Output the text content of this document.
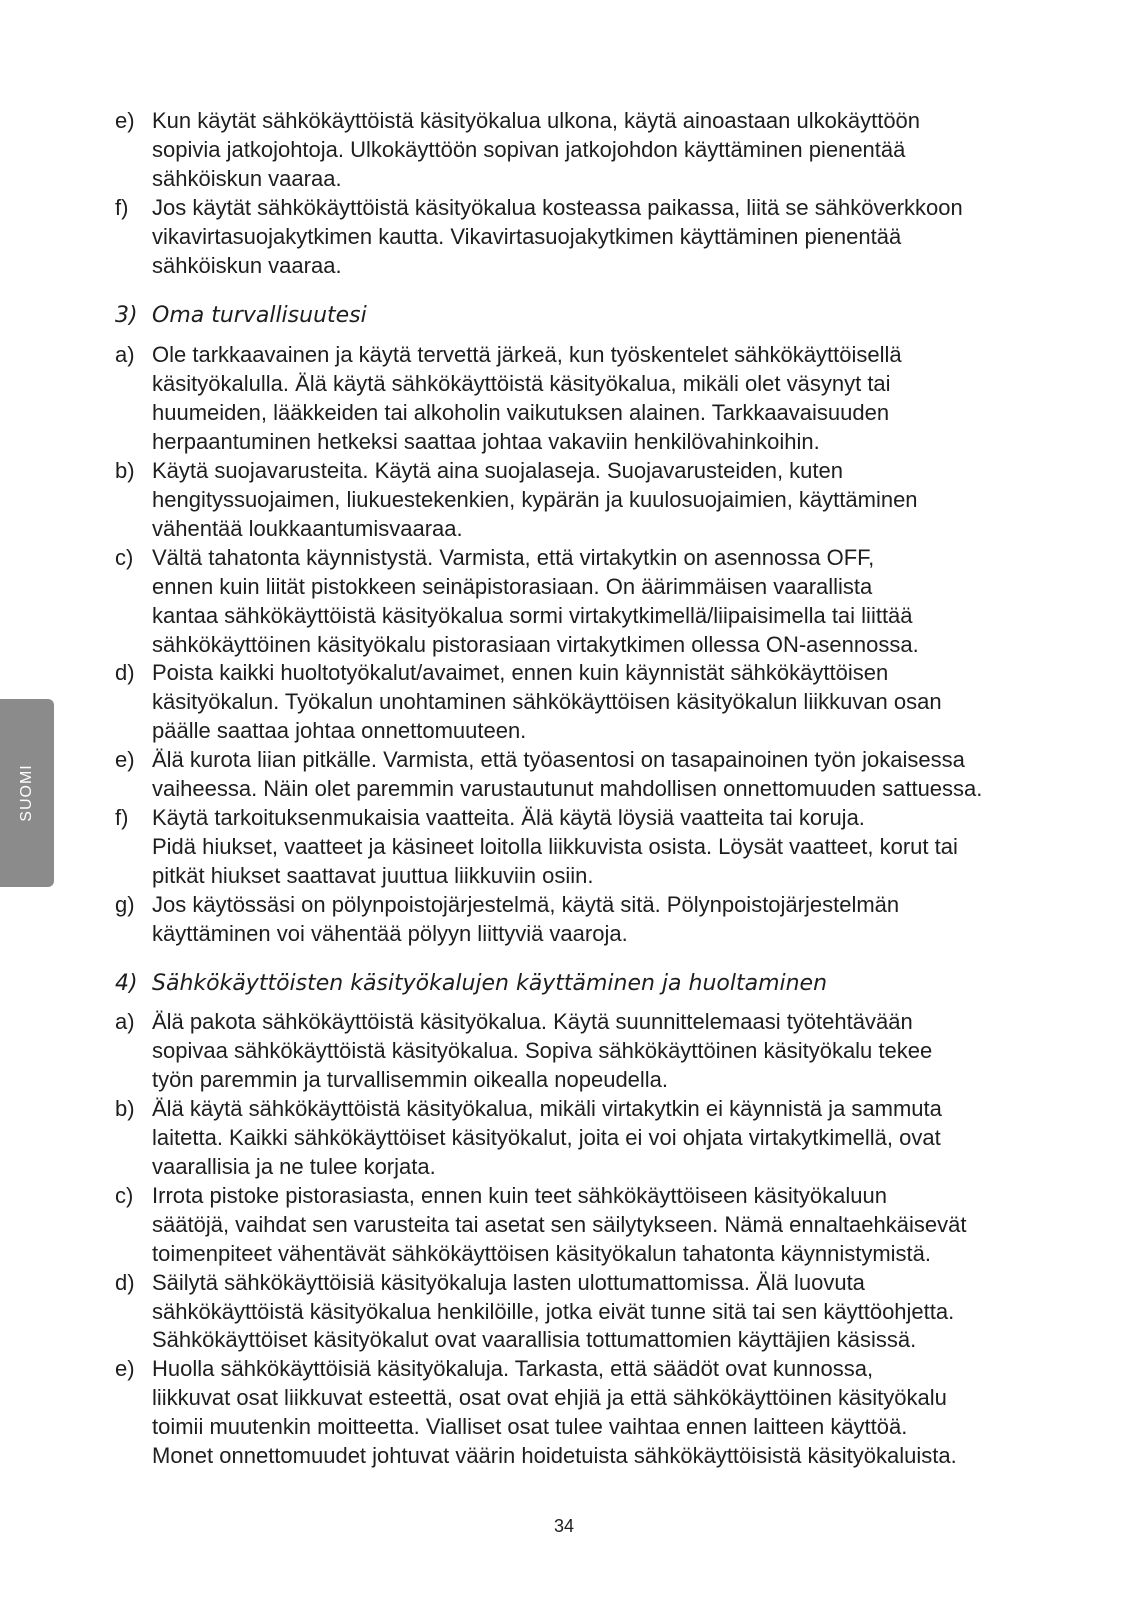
e) Kun käytät sähkökäyttöistä käsityökalua ulkona, käytä ainoastaan ulkokäyttöön
sopivia jatkojohtoja. Ulkokäyttöön sopivan jatkojohdon käyttäminen pienentää
sähköiskun vaaraa.
f)	Jos käytät sähkökäyttöistä käsityökalua kosteassa paikassa, liitä se sähköverkkoon
vikavirtasuojakytkimen kautta. Vikavirtasuojakytkimen käyttäminen pienentää
sähköiskun vaaraa.
3) Oma turvallisuutesi
a) Ole tarkkaavainen ja käytä tervettä järkeä, kun työskentelet sähkökäyttöisellä
käsityökalulla. Älä käytä sähkökäyttöistä käsityökalua, mikäli olet väsynyt tai
huumeiden, lääkkeiden tai alkoholin vaikutuksen alainen. Tarkkaavaisuuden
herpaantuminen hetkeksi saattaa johtaa vakaviin henkilövahinkoihin.
b) Käytä suojavarusteita. Käytä aina suojalaseja. Suojavarusteiden, kuten
hengityssuojaimen, liukuestekenkien, kypärän ja kuulosuojaimien, käyttäminen
vähentää loukkaantumisvaaraa.
c) Vältä tahatonta käynnistystä. Varmista, että virtakytkin on asennossa OFF,
ennen kuin liität pistokkeen seinäpistorasiaan. On äärimmäisen vaarallista
kantaa sähkökäyttöistä käsityökalua sormi virtakytkimellä/liipaisimella tai liittää
sähkökäyttöinen käsityökalu pistorasiaan virtakytkimen ollessa ON-asennossa.
d) Poista kaikki huoltotyökalut/avaimet, ennen kuin käynnistät sähkökäyttöisen
käsityökalun. Työkalun unohtaminen sähkökäyttöisen käsityökalun liikkuvan osan
päälle saattaa johtaa onnettomuuteen.
e) Älä kurota liian pitkälle. Varmista, että työasentosi on tasapainoinen työn jokaisessa
vaiheessa. Näin olet paremmin varustautunut mahdollisen onnettomuuden sattuessa.
f)	Käytä tarkoituksenmukaisia vaatteita. Älä käytä löysiä vaatteita tai koruja.
Pidä hiukset, vaatteet ja käsineet loitolla liikkuvista osista. Löysät vaatteet, korut tai
pitkät hiukset saattavat juuttua liikkuviin osiin.
g) Jos käytössäsi on pölynpoistojärjestelmä, käytä sitä. Pölynpoistojärjestelmän
käyttäminen voi vähentää pölyyn liittyviä vaaroja.
4) Sähkökäyttöisten käsityökalujen käyttäminen ja huoltaminen
a) Älä pakota sähkökäyttöistä käsityökalua. Käytä suunnittelemaasi työtehtävään
sopivaa sähkökäyttöistä käsityökalua. Sopiva sähkökäyttöinen käsityökalu tekee
työn paremmin ja turvallisemmin oikealla nopeudella.
b) Älä käytä sähkökäyttöistä käsityökalua, mikäli virtakytkin ei käynnistä ja sammuta
laitetta. Kaikki sähkökäyttöiset käsityökalut, joita ei voi ohjata virtakytkimellä, ovat
vaarallisia ja ne tulee korjata.
c) Irrota pistoke pistorasiasta, ennen kuin teet sähkökäyttöiseen käsityökaluun
säätöjä, vaihdat sen varusteita tai asetat sen säilytykseen. Nämä ennaltaehkäisevät
toimenpiteet vähentävät sähkökäyttöisen käsityökalun tahatonta käynnistymistä.
d) Säilytä sähkökäyttöisiä käsityökaluja lasten ulottumattomissa. Älä luovuta
sähkökäyttöistä käsityökalua henkilöille, jotka eivät tunne sitä tai sen käyttöohjetta.
Sähkökäyttöiset käsityökalut ovat vaarallisia tottumattomien käyttäjien käsissä.
e) Huolla sähkökäyttöisiä käsityökaluja. Tarkasta, että säädöt ovat kunnossa,
liikkuvat osat liikkuvat esteettä, osat ovat ehjiä ja että sähkökäyttöinen käsityökalu
toimii muutenkin moitteetta. Vialliset osat tulee vaihtaa ennen laitteen käyttöä.
Monet onnettomuudet johtuvat väärin hoidetuista sähkökäyttöisistä käsityökaluista.
SUOMI
34
